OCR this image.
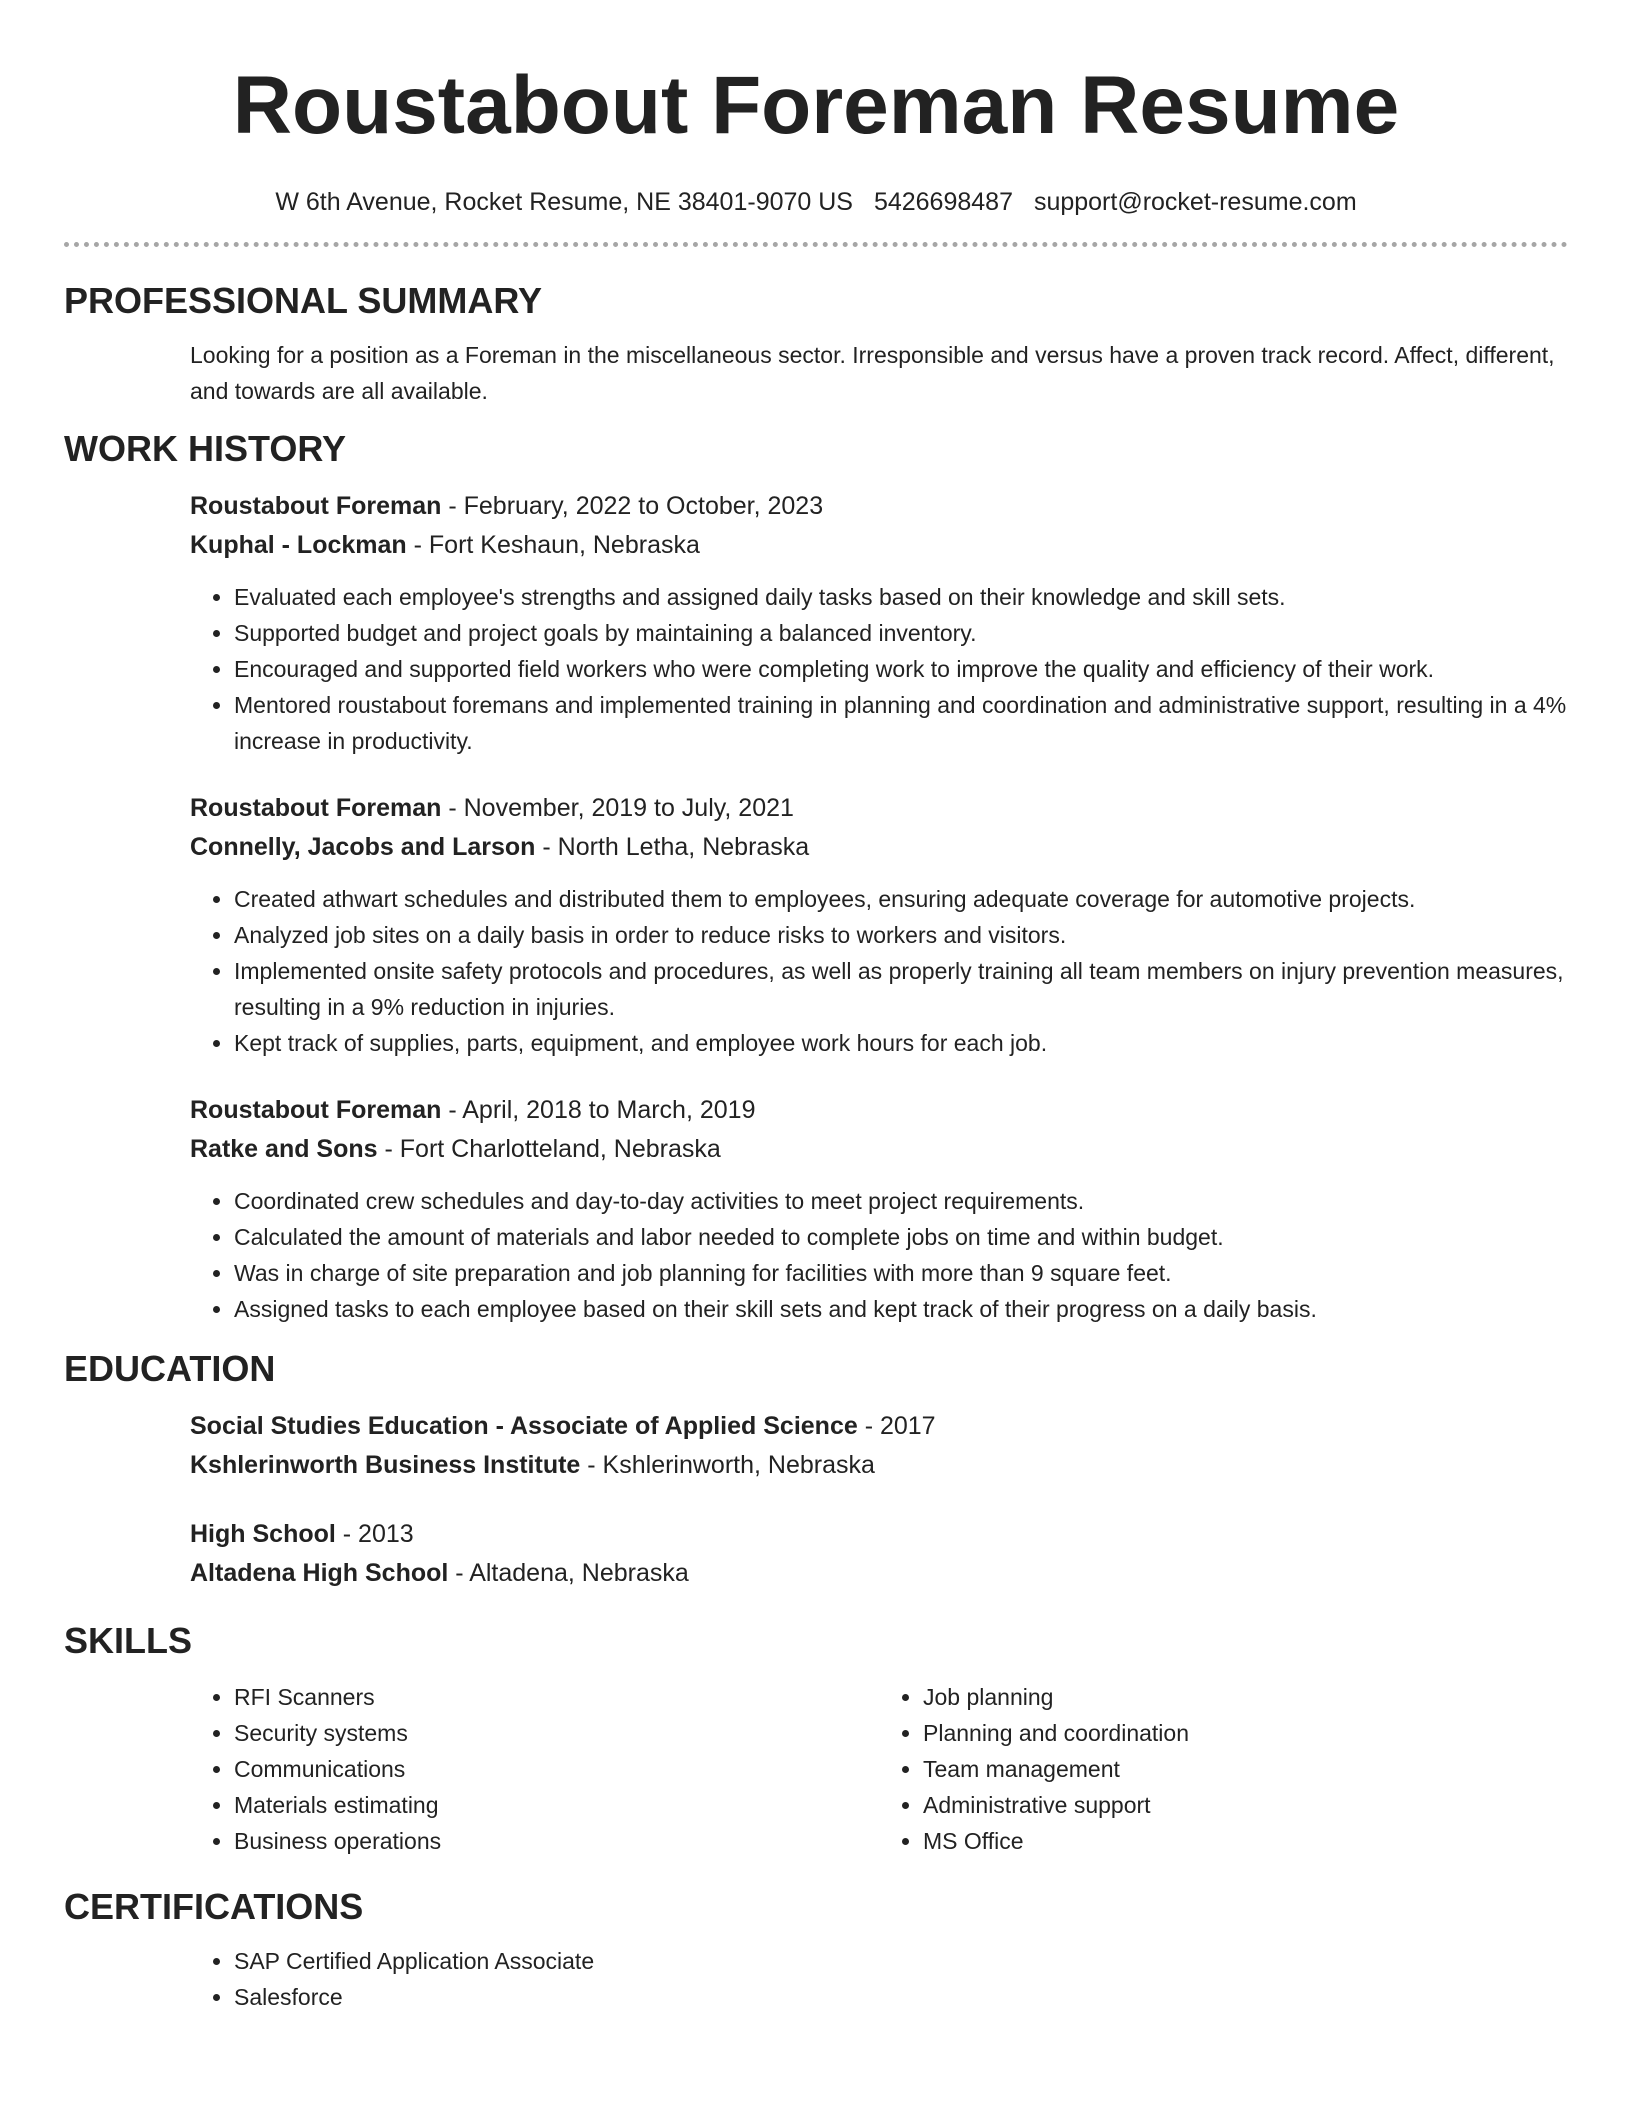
Roustabout Foreman Resume
W 6th Avenue, Rocket Resume, NE 38401-9070 US 5426698487 support@rocket-resume.com
PROFESSIONAL SUMMARY
Looking for a position as a Foreman in the miscellaneous sector. Irresponsible and versus have a proven track record. Affect, different, and towards are all available.
WORK HISTORY
Roustabout Foreman - February, 2022 to October, 2023
Kuphal - Lockman - Fort Keshaun, Nebraska
• Evaluated each employee's strengths and assigned daily tasks based on their knowledge and skill sets.
• Supported budget and project goals by maintaining a balanced inventory.
• Encouraged and supported field workers who were completing work to improve the quality and efficiency of their work.
• Mentored roustabout foremans and implemented training in planning and coordination and administrative support, resulting in a 4% increase in productivity.
Roustabout Foreman - November, 2019 to July, 2021
Connelly, Jacobs and Larson - North Letha, Nebraska
• Created athwart schedules and distributed them to employees, ensuring adequate coverage for automotive projects.
• Analyzed job sites on a daily basis in order to reduce risks to workers and visitors.
• Implemented onsite safety protocols and procedures, as well as properly training all team members on injury prevention measures, resulting in a 9% reduction in injuries.
• Kept track of supplies, parts, equipment, and employee work hours for each job.
Roustabout Foreman - April, 2018 to March, 2019
Ratke and Sons - Fort Charlotteland, Nebraska
• Coordinated crew schedules and day-to-day activities to meet project requirements.
• Calculated the amount of materials and labor needed to complete jobs on time and within budget.
• Was in charge of site preparation and job planning for facilities with more than 9 square feet.
• Assigned tasks to each employee based on their skill sets and kept track of their progress on a daily basis.
EDUCATION
Social Studies Education - Associate of Applied Science - 2017
Kshlerinworth Business Institute - Kshlerinworth, Nebraska
High School - 2013
Altadena High School - Altadena, Nebraska
SKILLS
• RFI Scanners
• Security systems
• Communications
• Materials estimating
• Business operations
• Job planning
• Planning and coordination
• Team management
• Administrative support
• MS Office
CERTIFICATIONS
• SAP Certified Application Associate
• Salesforce
